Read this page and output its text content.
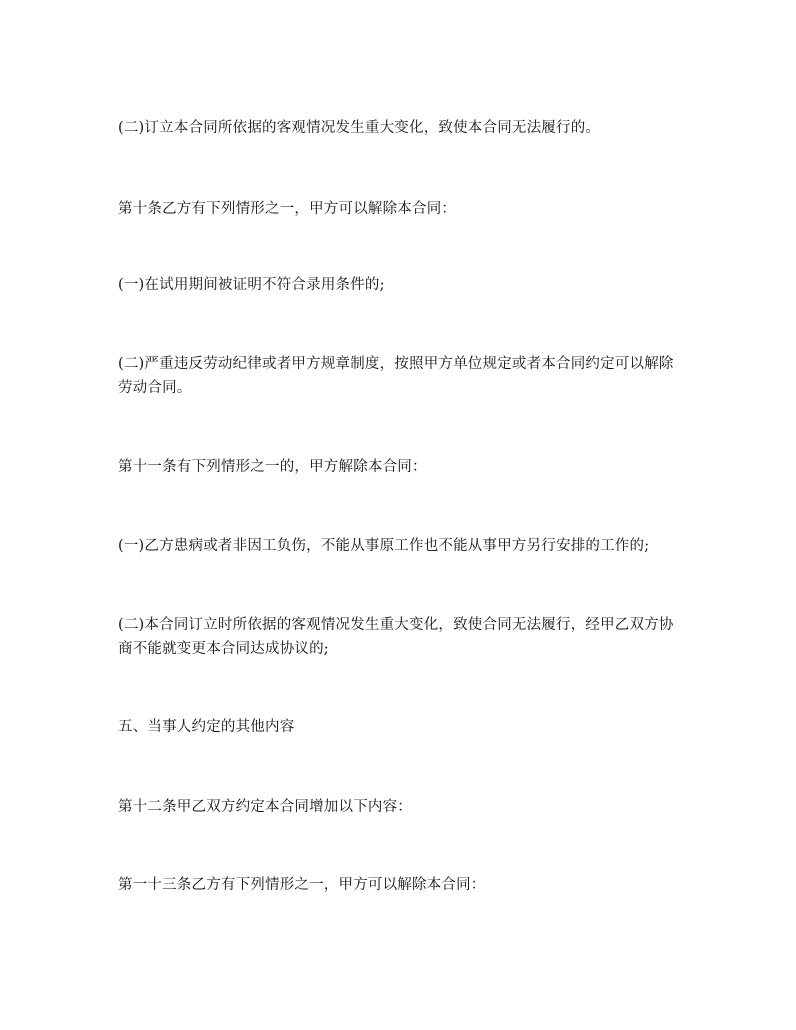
(二)订立本合同所依据的客观情况发生重大变化，致使本合同无法履行的。
第十条乙方有下列情形之一，甲方可以解除本合同：
(一)在试用期间被证明不符合录用条件的;
(二)严重违反劳动纪律或者甲方规章制度，按照甲方单位规定或者本合同约定可以解除劳动合同。
第十一条有下列情形之一的，甲方解除本合同：
(一)乙方患病或者非因工负伤，不能从事原工作也不能从事甲方另行安排的工作的;
(二)本合同订立时所依据的客观情况发生重大变化，致使合同无法履行，经甲乙双方协商不能就变更本合同达成协议的;
五、当事人约定的其他内容
第十二条甲乙双方约定本合同增加以下内容：
第一十三条乙方有下列情形之一，甲方可以解除本合同：
